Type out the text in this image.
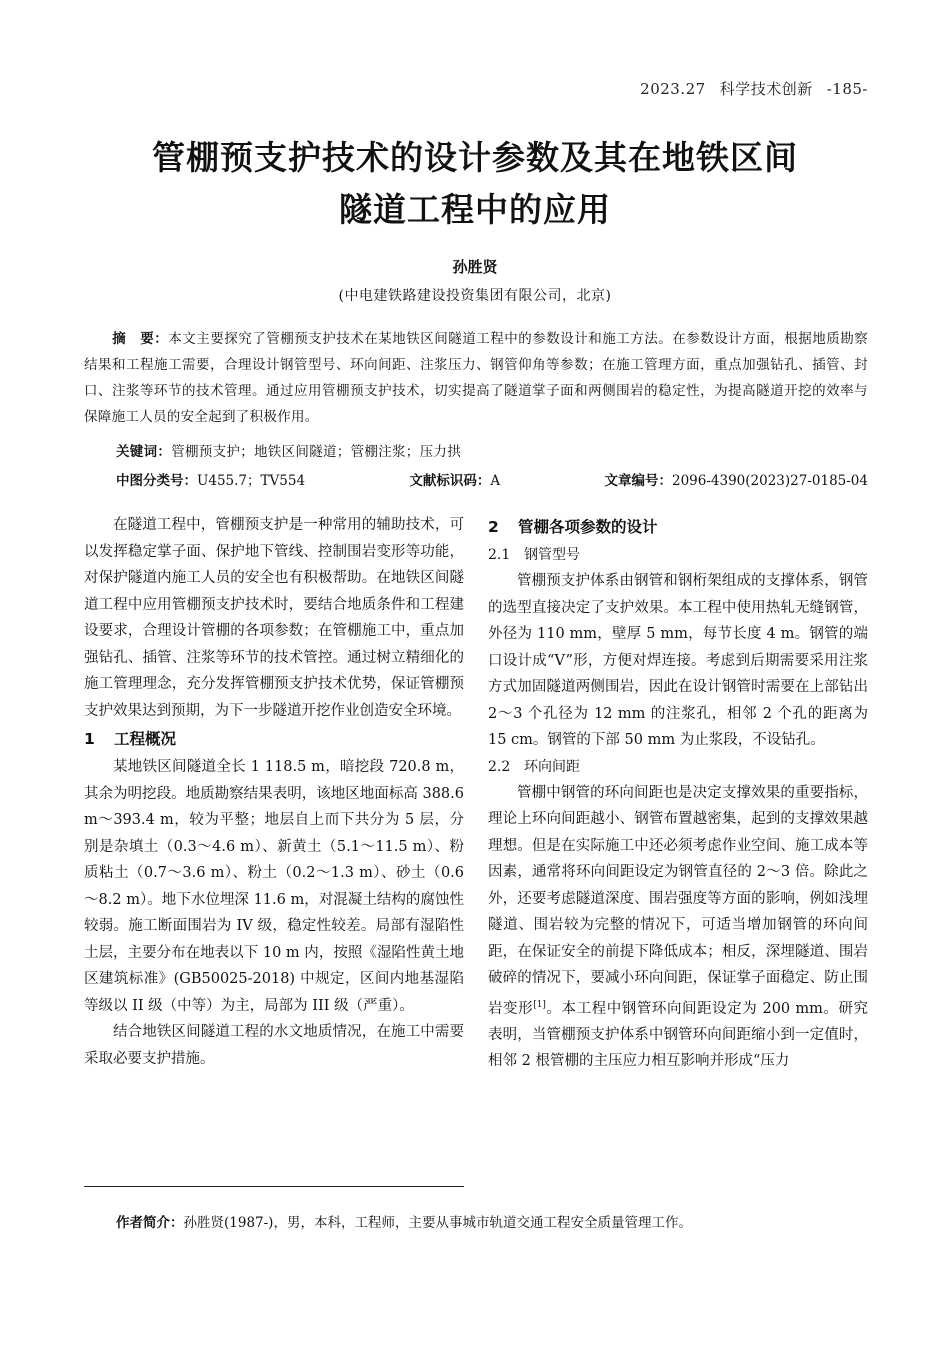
2023.27 科学技术创新 -185-
管棚预支护技术的设计参数及其在地铁区间
隧道工程中的应用
孙胜贤
(中电建铁路建设投资集团有限公司，北京)
摘　要：本文主要探究了管棚预支护技术在某地铁区间隧道工程中的参数设计和施工方法。在参数设计方面，根据地质勘察结果和工程施工需要，合理设计钢管型号、环向间距、注浆压力、钢管仰角等参数；在施工管理方面，重点加强钻孔、插管、封口、注浆等环节的技术管理。通过应用管棚预支护技术，切实提高了隧道掌子面和两侧围岩的稳定性，为提高隧道开挖的效率与保障施工人员的安全起到了积极作用。
关键词：管棚预支护；地铁区间隧道；管棚注浆；压力拱
中图分类号：U455.7；TV554	文献标识码：A	文章编号：2096-4390(2023)27-0185-04

在隧道工程中，管棚预支护是一种常用的辅助技术，可以发挥稳定掌子面、保护地下管线、控制围岩变形等功能，对保护隧道内施工人员的安全也有积极帮助。在地铁区间隧道工程中应用管棚预支护技术时，要结合地质条件和工程建设要求，合理设计管棚的各项参数；在管棚施工中，重点加强钻孔、插管、注浆等环节的技术管控。通过树立精细化的施工管理理念，充分发挥管棚预支护技术优势，保证管棚预支护效果达到预期，为下一步隧道开挖作业创造安全环境。

1 工程概况

某地铁区间隧道全长 1 118.5 m，暗挖段 720.8 m，其余为明挖段。地质勘察结果表明，该地区地面标高 388.6 m～393.4 m，较为平整；地层自上而下共分为 5 层，分别是杂填土（0.3～4.6 m）、新黄土（5.1～11.5 m）、粉质粘土（0.7～3.6 m）、粉土（0.2～1.3 m）、砂土（0.6～8.2 m）。地下水位埋深 11.6 m，对混凝土结构的腐蚀性较弱。施工断面围岩为 IV 级，稳定性较差。局部有湿陷性土层，主要分布在地表以下 10 m 内，按照《湿陷性黄土地区建筑标准》(GB50025-2018) 中规定，区间内地基湿陷等级以 II 级（中等）为主，局部为 III 级（严重）。

结合地铁区间隧道工程的水文地质情况，在施工中需要采取必要支护措施。

2 管棚各项参数的设计
2.1 钢管型号

管棚预支护体系由钢管和钢桁架组成的支撑体系，钢管的选型直接决定了支护效果。本工程中使用热轧无缝钢管，外径为 110 mm，壁厚 5 mm，每节长度 4 m。钢管的端口设计成“V”形，方便对焊连接。考虑到后期需要采用注浆方式加固隧道两侧围岩，因此在设计钢管时需要在上部钻出 2～3 个孔径为 12 mm 的注浆孔，相邻 2 个孔的距离为 15 cm。钢管的下部 50 mm 为止浆段，不设钻孔。

2.2 环向间距

管棚中钢管的环向间距也是决定支撑效果的重要指标，理论上环向间距越小、钢管布置越密集，起到的支撑效果越理想。但是在实际施工中还必须考虑作业空间、施工成本等因素，通常将环向间距设定为钢管直径的 2～3 倍。除此之外，还要考虑隧道深度、围岩强度等方面的影响，例如浅埋隧道、围岩较为完整的情况下，可适当增加钢管的环向间距，在保证安全的前提下降低成本；相反，深埋隧道、围岩破碎的情况下，要减小环向间距，保证掌子面稳定、防止围岩变形[1]。本工程中钢管环向间距设定为 200 mm。研究表明，当管棚预支护体系中钢管环向间距缩小到一定值时，相邻 2 根管棚的主压应力相互影响并形成“压力

作者简介：孙胜贤(1987-)，男，本科，工程师，主要从事城市轨道交通工程安全质量管理工作。
